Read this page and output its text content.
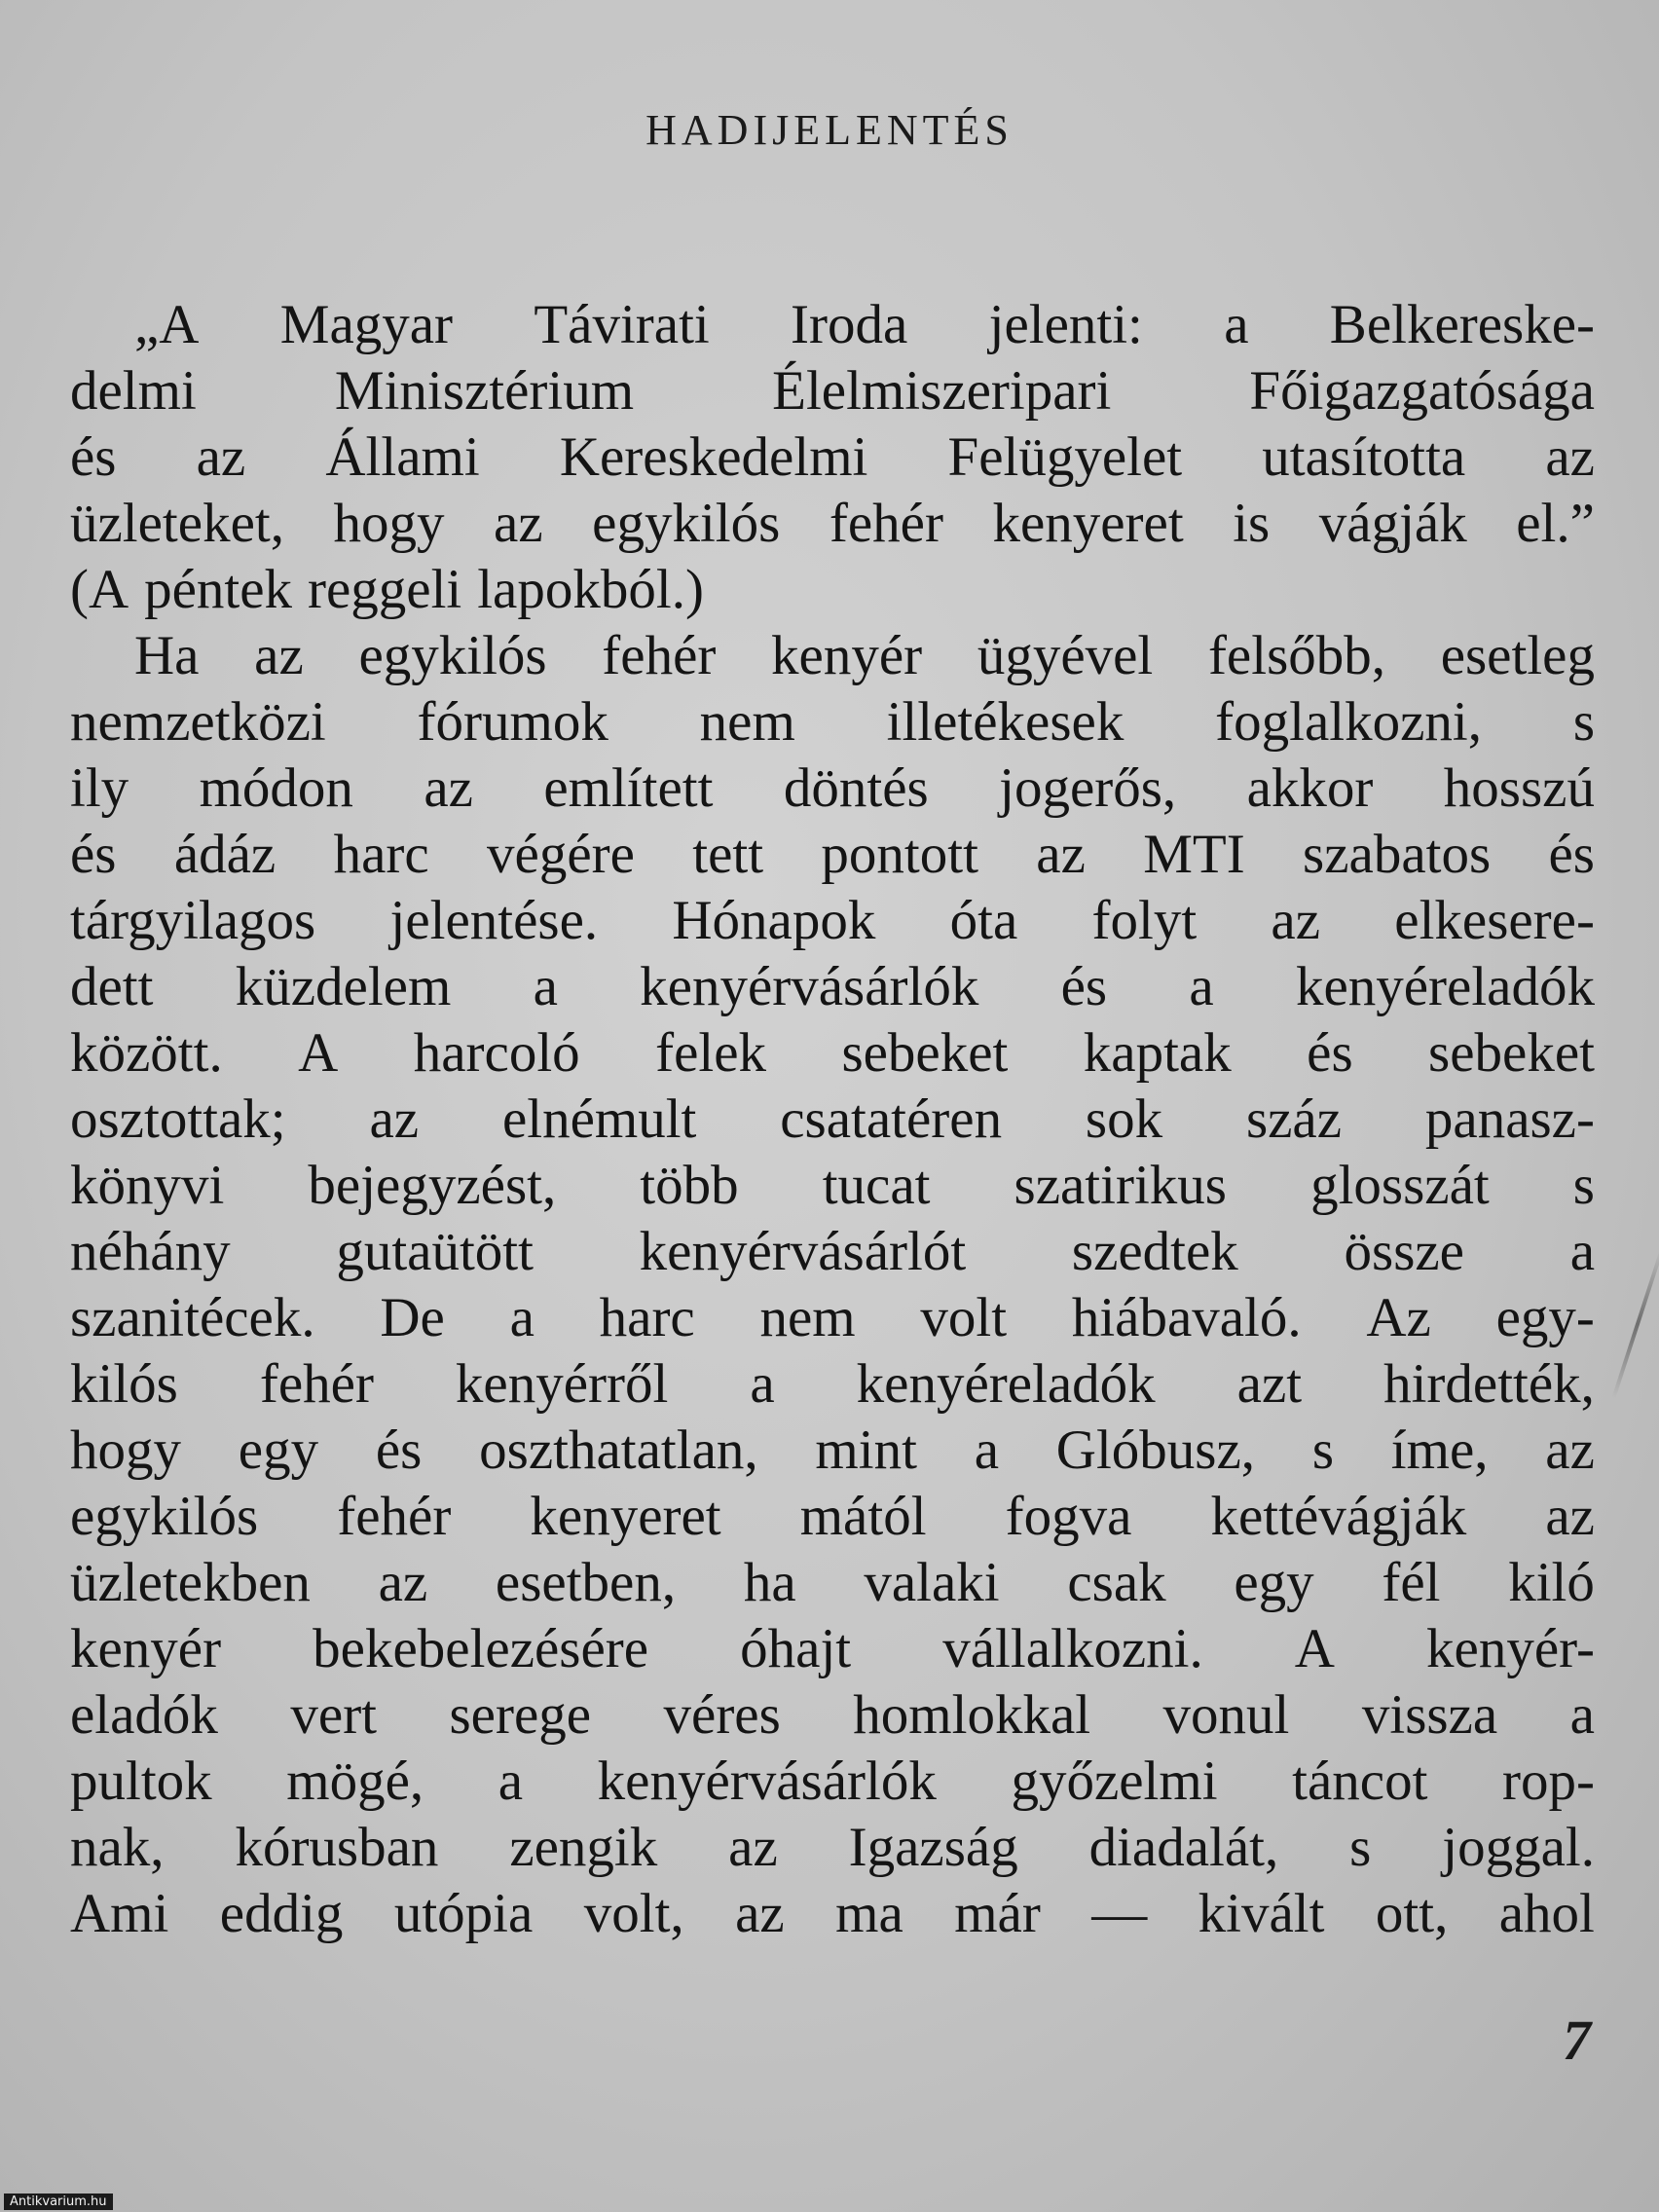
HADIJELENTÉS
„A Magyar Távirati Iroda jelenti: a Belkereske-
delmi Minisztérium Élelmiszeripari Főigazgatósága
és az Állami Kereskedelmi Felügyelet utasította az
üzleteket, hogy az egykilós fehér kenyeret is vágják el.”
(A péntek reggeli lapokból.)
Ha az egykilós fehér kenyér ügyével felsőbb, esetleg
nemzetközi fórumok nem illetékesek foglalkozni, s
ily módon az említett döntés jogerős, akkor hosszú
és ádáz harc végére tett pontott az MTI szabatos és
tárgyilagos jelentése. Hónapok óta folyt az elkesere-
dett küzdelem a kenyérvásárlók és a kenyéreladók
között. A harcoló felek sebeket kaptak és sebeket
osztottak; az elnémult csatatéren sok száz panasz-
könyvi bejegyzést, több tucat szatirikus glosszát s
néhány gutaütött kenyérvásárlót szedtek össze a
szanitécek. De a harc nem volt hiábavaló. Az egy-
kilós fehér kenyérről a kenyéreladók azt hirdették,
hogy egy és oszthatatlan, mint a Glóbusz, s íme, az
egykilós fehér kenyeret mától fogva kettévágják az
üzletekben az esetben, ha valaki csak egy fél kiló
kenyér bekebelezésére óhajt vállalkozni. A kenyér-
eladók vert serege véres homlokkal vonul vissza a
pultok mögé, a kenyérvásárlók győzelmi táncot rop-
nak, kórusban zengik az Igazság diadalát, s joggal.
Ami eddig utópia volt, az ma már — kivált ott, ahol
7
Antikvarium.hu
